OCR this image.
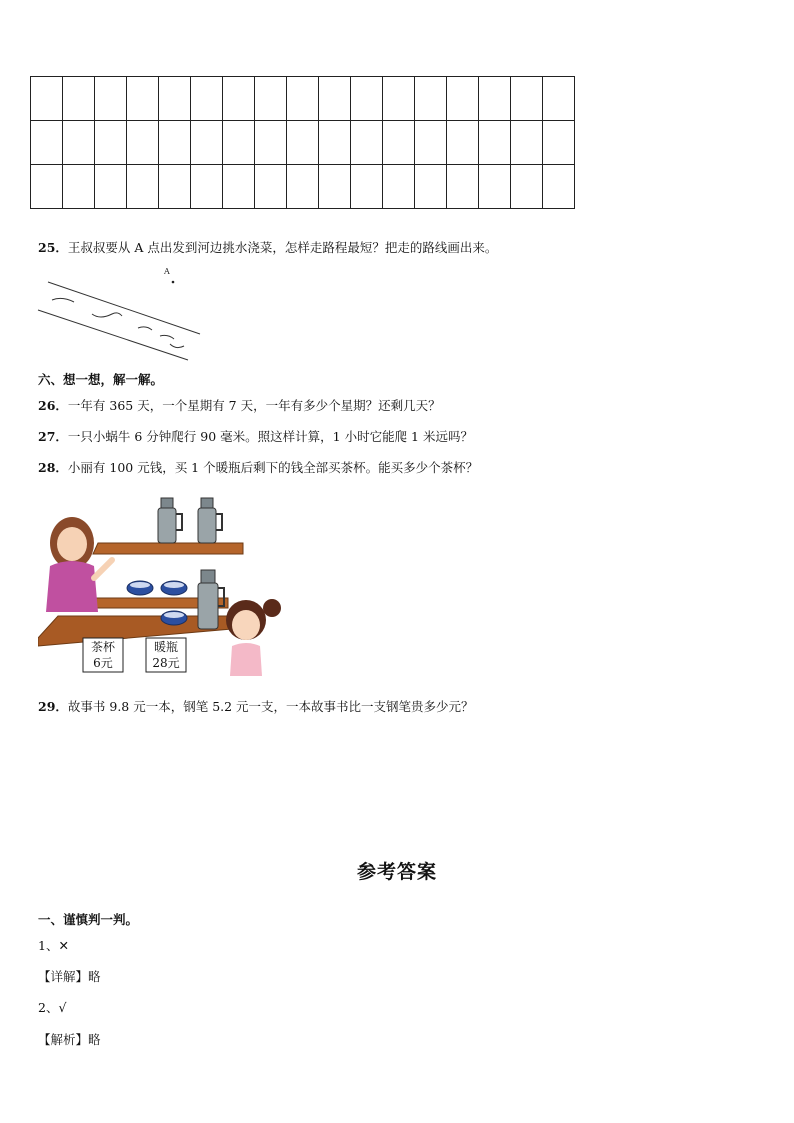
25．王叔叔要从 A 点出发到河边挑水浇菜，怎样走路程最短？把走的路线画出来。
A
六、想一想，解一解。
26．一年有 365 天，一个星期有 7 天，一年有多少个星期？还剩几天？
27．一只小蜗牛 6 分钟爬行 90 毫米。照这样计算，1 小时它能爬 1 米远吗？
28．小丽有 100 元钱，买 1 个暖瓶后剩下的钱全部买茶杯。能买多少个茶杯？
茶杯
6元
暖瓶
28元
29．故事书 9.8 元一本，钢笔 5.2 元一支，一本故事书比一支钢笔贵多少元？
参考答案
一、谨慎判一判。
1、✕
【详解】略
2、√
【解析】略
